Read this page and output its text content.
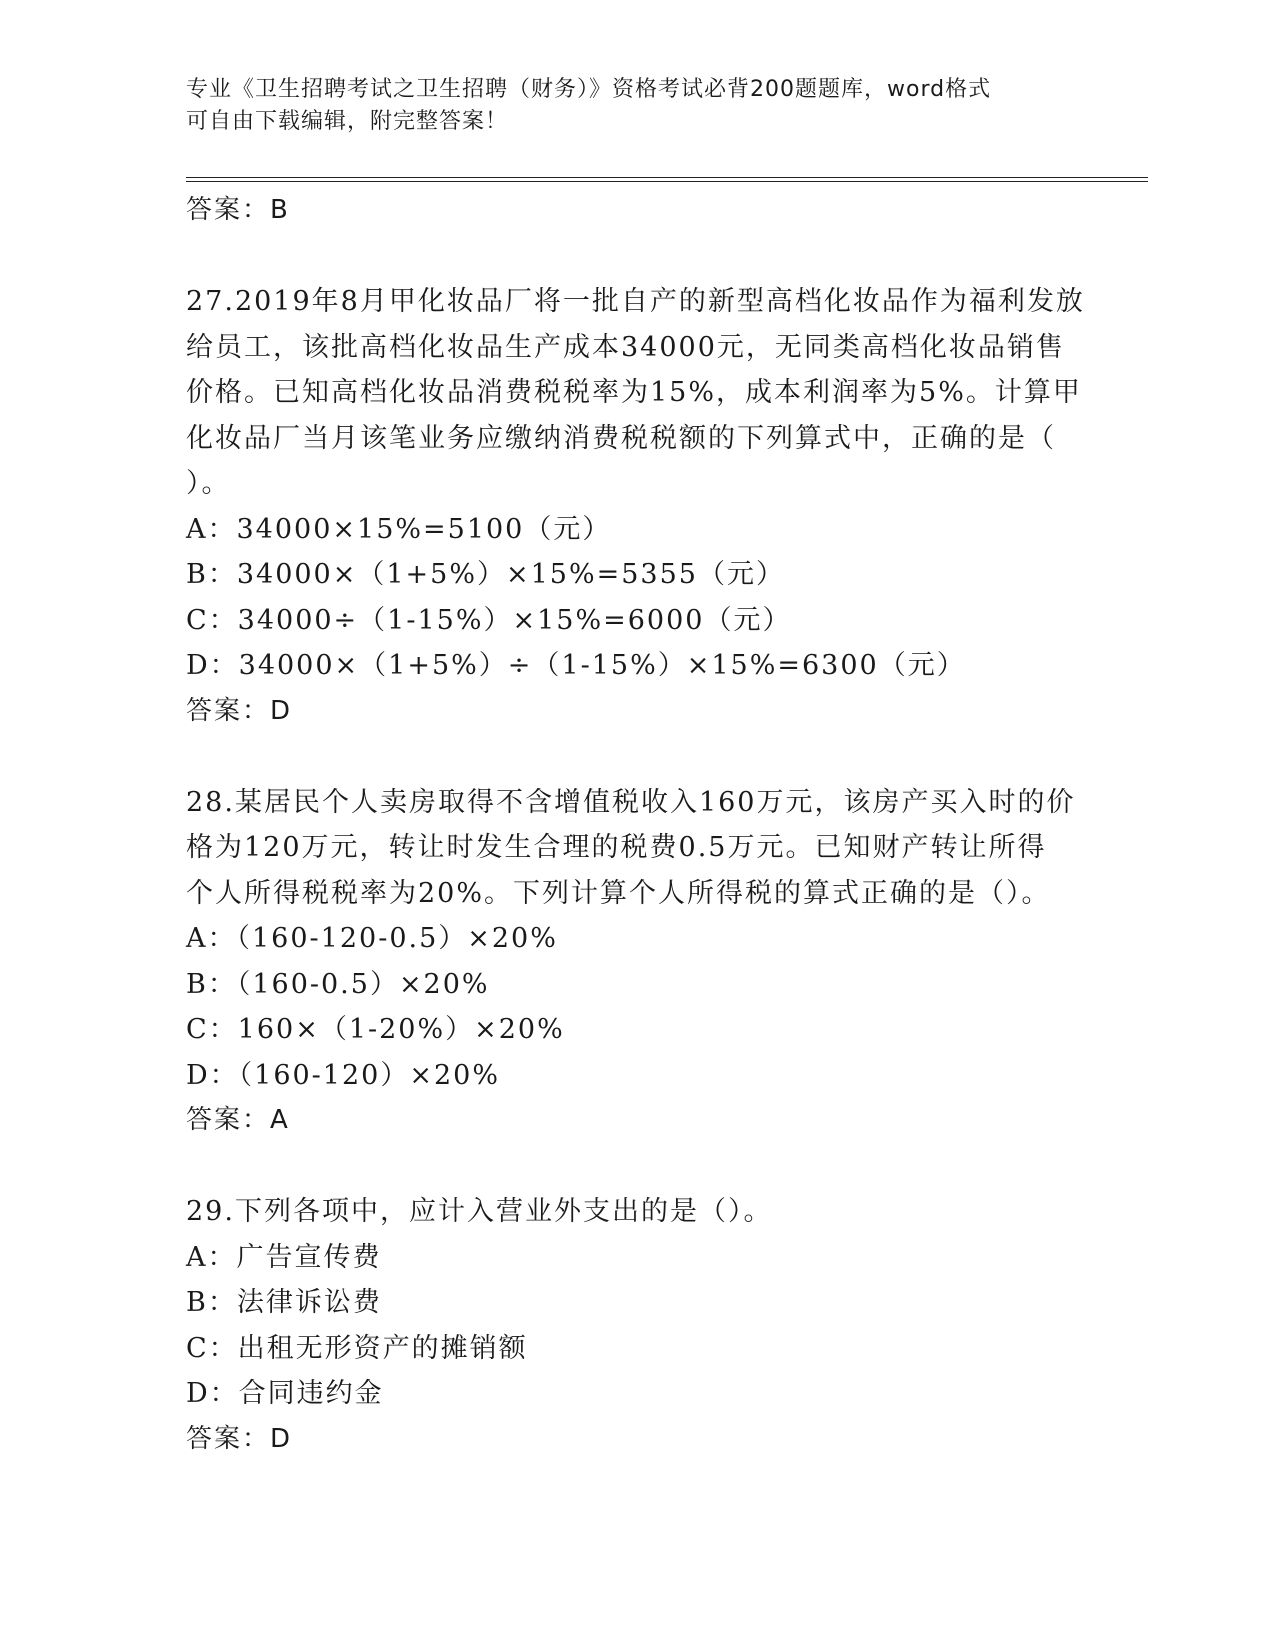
专业《卫生招聘考试之卫生招聘（财务）》资格考试必背200题题库，word格式
可自由下载编辑，附完整答案！
答案：B
27.2019年8月甲化妆品厂将一批自产的新型高档化妆品作为福利发放
给员工，该批高档化妆品生产成本34000元，无同类高档化妆品销售
价格。已知高档化妆品消费税税率为15%，成本利润率为5%。计算甲
化妆品厂当月该笔业务应缴纳消费税税额的下列算式中，正确的是（
）。
A：34000×15%=5100（元）
B：34000×（1+5%）×15%=5355（元）
C：34000÷（1-15%）×15%=6000（元）
D：34000×（1+5%）÷（1-15%）×15%=6300（元）
答案：D
28.某居民个人卖房取得不含增值税收入160万元，该房产买入时的价
格为120万元，转让时发生合理的税费0.5万元。已知财产转让所得
个人所得税税率为20%。下列计算个人所得税的算式正确的是（）。
A：（160-120-0.5）×20%
B：（160-0.5）×20%
C：160×（1-20%）×20%
D：（160-120）×20%
答案：A
29.下列各项中，应计入营业外支出的是（）。
A：广告宣传费
B：法律诉讼费
C：出租无形资产的摊销额
D：合同违约金
答案：D
